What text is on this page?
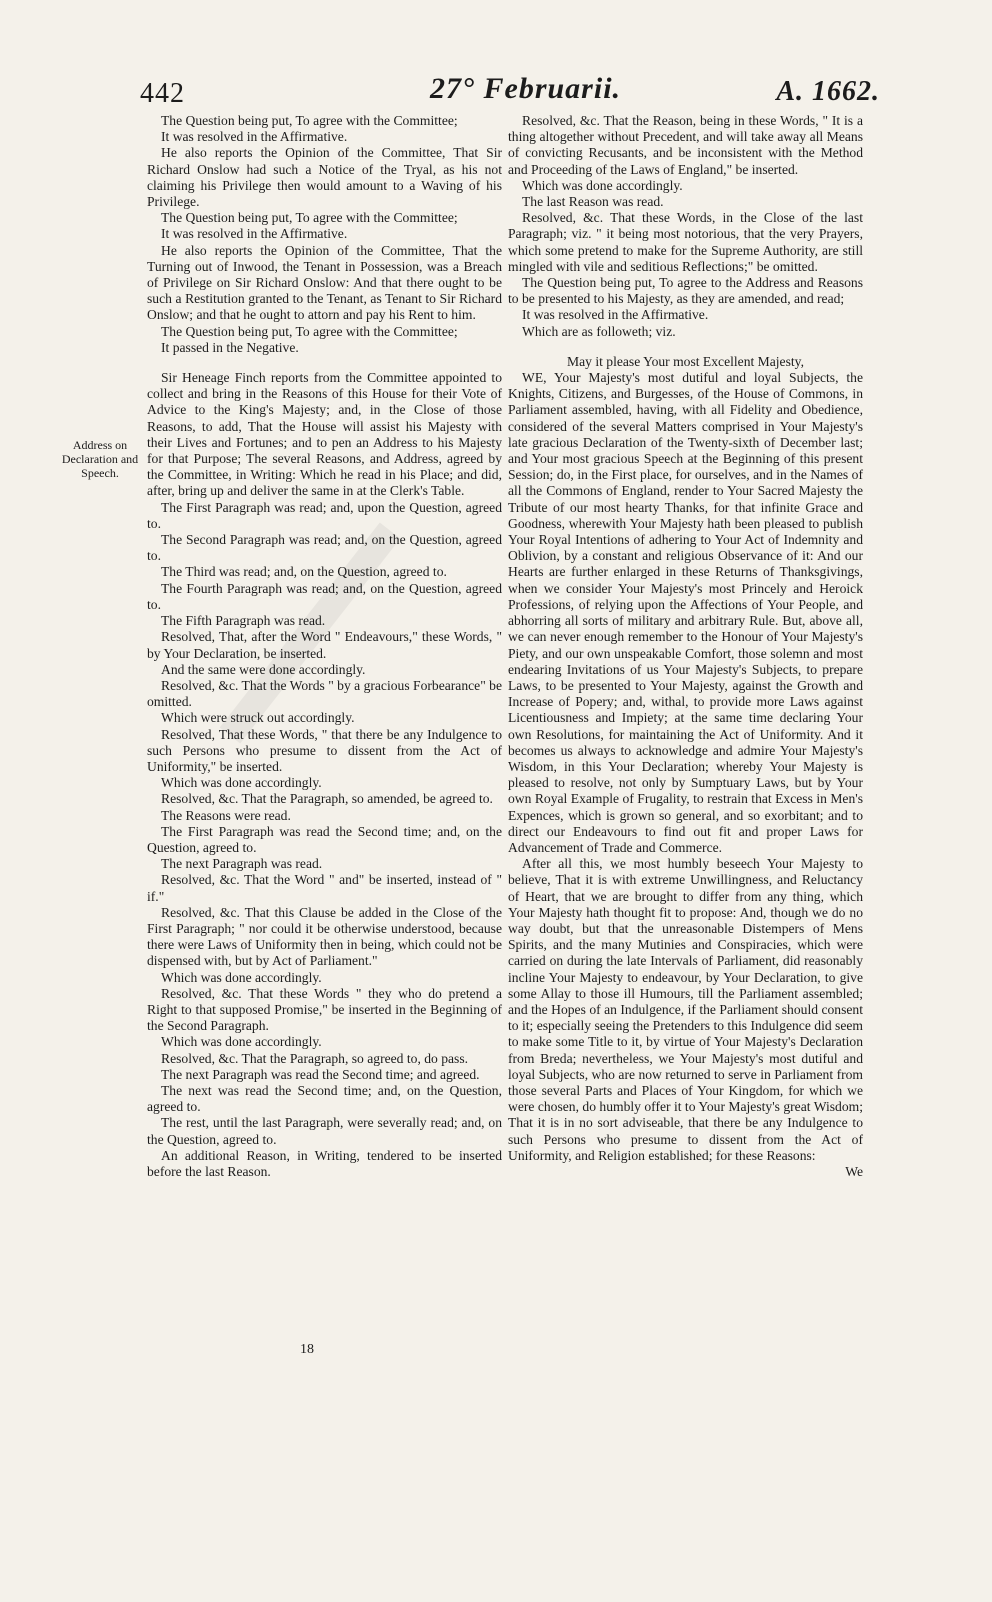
442	27° Februarii.	A. 1662.
Address on Declaration and Speech.

The Question being put, To agree with the Committee;

It was resolved in the Affirmative.

He also reports the Opinion of the Committee, That Sir Richard Onslow had such a Notice of the Tryal, as his not claiming his Privilege then would amount to a Waving of his Privilege.

The Question being put, To agree with the Committee;

It was resolved in the Affirmative.

He also reports the Opinion of the Committee, That the Turning out of Inwood, the Tenant in Possession, was a Breach of Privilege on Sir Richard Onslow: And that there ought to be such a Restitution granted to the Tenant, as Tenant to Sir Richard Onslow; and that he ought to attorn and pay his Rent to him.

The Question being put, To agree with the Committee;

It passed in the Negative.

Sir Heneage Finch reports from the Committee appointed to collect and bring in the Reasons of this House for their Vote of Advice to the King's Majesty; and, in the Close of those Reasons, to add, That the House will assist his Majesty with their Lives and Fortunes; and to pen an Address to his Majesty for that Purpose; The several Reasons, and Address, agreed by the Committee, in Writing: Which he read in his Place; and did, after, bring up and deliver the same in at the Clerk's Table.

The First Paragraph was read; and, upon the Question, agreed to.

The Second Paragraph was read; and, on the Question, agreed to.

The Third was read; and, on the Question, agreed to.

The Fourth Paragraph was read; and, on the Question, agreed to.

The Fifth Paragraph was read.

Resolved, That, after the Word " Endeavours," these Words, " by Your Declaration, be inserted.

And the same were done accordingly.

Resolved, &c. That the Words " by a gracious Forbearance" be omitted.

Which were struck out accordingly.

Resolved, That these Words, " that there be any Indulgence to such Persons who presume to dissent from the Act of Uniformity," be inserted.

Which was done accordingly.

Resolved, &c. That the Paragraph, so amended, be agreed to.

The Reasons were read.

The First Paragraph was read the Second time; and, on the Question, agreed to.

The next Paragraph was read.

Resolved, &c. That the Word " and" be inserted, instead of " if."

Resolved, &c. That this Clause be added in the Close of the First Paragraph; " nor could it be otherwise understood, because there were Laws of Uniformity then in being, which could not be dispensed with, but by Act of Parliament."

Which was done accordingly.

Resolved, &c. That these Words " they who do pretend a Right to that supposed Promise," be inserted in the Beginning of the Second Paragraph.

Which was done accordingly.

Resolved, &c. That the Paragraph, so agreed to, do pass.

The next Paragraph was read the Second time; and agreed.

The next was read the Second time; and, on the Question, agreed to.

The rest, until the last Paragraph, were severally read; and, on the Question, agreed to.

An additional Reason, in Writing, tendered to be inserted before the last Reason.

Resolved, &c. That the Reason, being in these Words, " It is a thing altogether without Precedent, and will take away all Means of convicting Recusants, and be inconsistent with the Method and Proceeding of the Laws of England," be inserted.

Which was done accordingly.

The last Reason was read.

Resolved, &c. That these Words, in the Close of the last Paragraph; viz. " it being most notorious, that the very Prayers, which some pretend to make for the Supreme Authority, are still mingled with vile and seditious Reflections;" be omitted.

The Question being put, To agree to the Address and Reasons to be presented to his Majesty, as they are amended, and read;

It was resolved in the Affirmative.

Which are as followeth; viz.

May it please Your most Excellent Majesty,

WE, Your Majesty's most dutiful and loyal Subjects, the Knights, Citizens, and Burgesses, of the House of Commons, in Parliament assembled, having, with all Fidelity and Obedience, considered of the several Matters comprised in Your Majesty's late gracious Declaration of the Twenty-sixth of December last; and Your most gracious Speech at the Beginning of this present Session; do, in the First place, for ourselves, and in the Names of all the Commons of England, render to Your Sacred Majesty the Tribute of our most hearty Thanks, for that infinite Grace and Goodness, wherewith Your Majesty hath been pleased to publish Your Royal Intentions of adhering to Your Act of Indemnity and Oblivion, by a constant and religious Observance of it: And our Hearts are further enlarged in these Returns of Thanksgivings, when we consider Your Majesty's most Princely and Heroick Professions, of relying upon the Affections of Your People, and abhorring all sorts of military and arbitrary Rule. But, above all, we can never enough remember to the Honour of Your Majesty's Piety, and our own unspeakable Comfort, those solemn and most endearing Invitations of us Your Majesty's Subjects, to prepare Laws, to be presented to Your Majesty, against the Growth and Increase of Popery; and, withal, to provide more Laws against Licentiousness and Impiety; at the same time declaring Your own Resolutions, for maintaining the Act of Uniformity. And it becomes us always to acknowledge and admire Your Majesty's Wisdom, in this Your Declaration; whereby Your Majesty is pleased to resolve, not only by Sumptuary Laws, but by Your own Royal Example of Frugality, to restrain that Excess in Men's Expences, which is grown so general, and so exorbitant; and to direct our Endeavours to find out fit and proper Laws for Advancement of Trade and Commerce.

After all this, we most humbly beseech Your Majesty to believe, That it is with extreme Unwillingness, and Reluctancy of Heart, that we are brought to differ from any thing, which Your Majesty hath thought fit to propose: And, though we do no way doubt, but that the unreasonable Distempers of Mens Spirits, and the many Mutinies and Conspiracies, which were carried on during the late Intervals of Parliament, did reasonably incline Your Majesty to endeavour, by Your Declaration, to give some Allay to those ill Humours, till the Parliament assembled; and the Hopes of an Indulgence, if the Parliament should consent to it; especially seeing the Pretenders to this Indulgence did seem to make some Title to it, by virtue of Your Majesty's Declaration from Breda; nevertheless, we Your Majesty's most dutiful and loyal Subjects, who are now returned to serve in Parliament from those several Parts and Places of Your Kingdom, for which we were chosen, do humbly offer it to Your Majesty's great Wisdom; That it is in no sort adviseable, that there be any Indulgence to such Persons who presume to dissent from the Act of Uniformity, and Religion established; for these Reasons:

We

18
